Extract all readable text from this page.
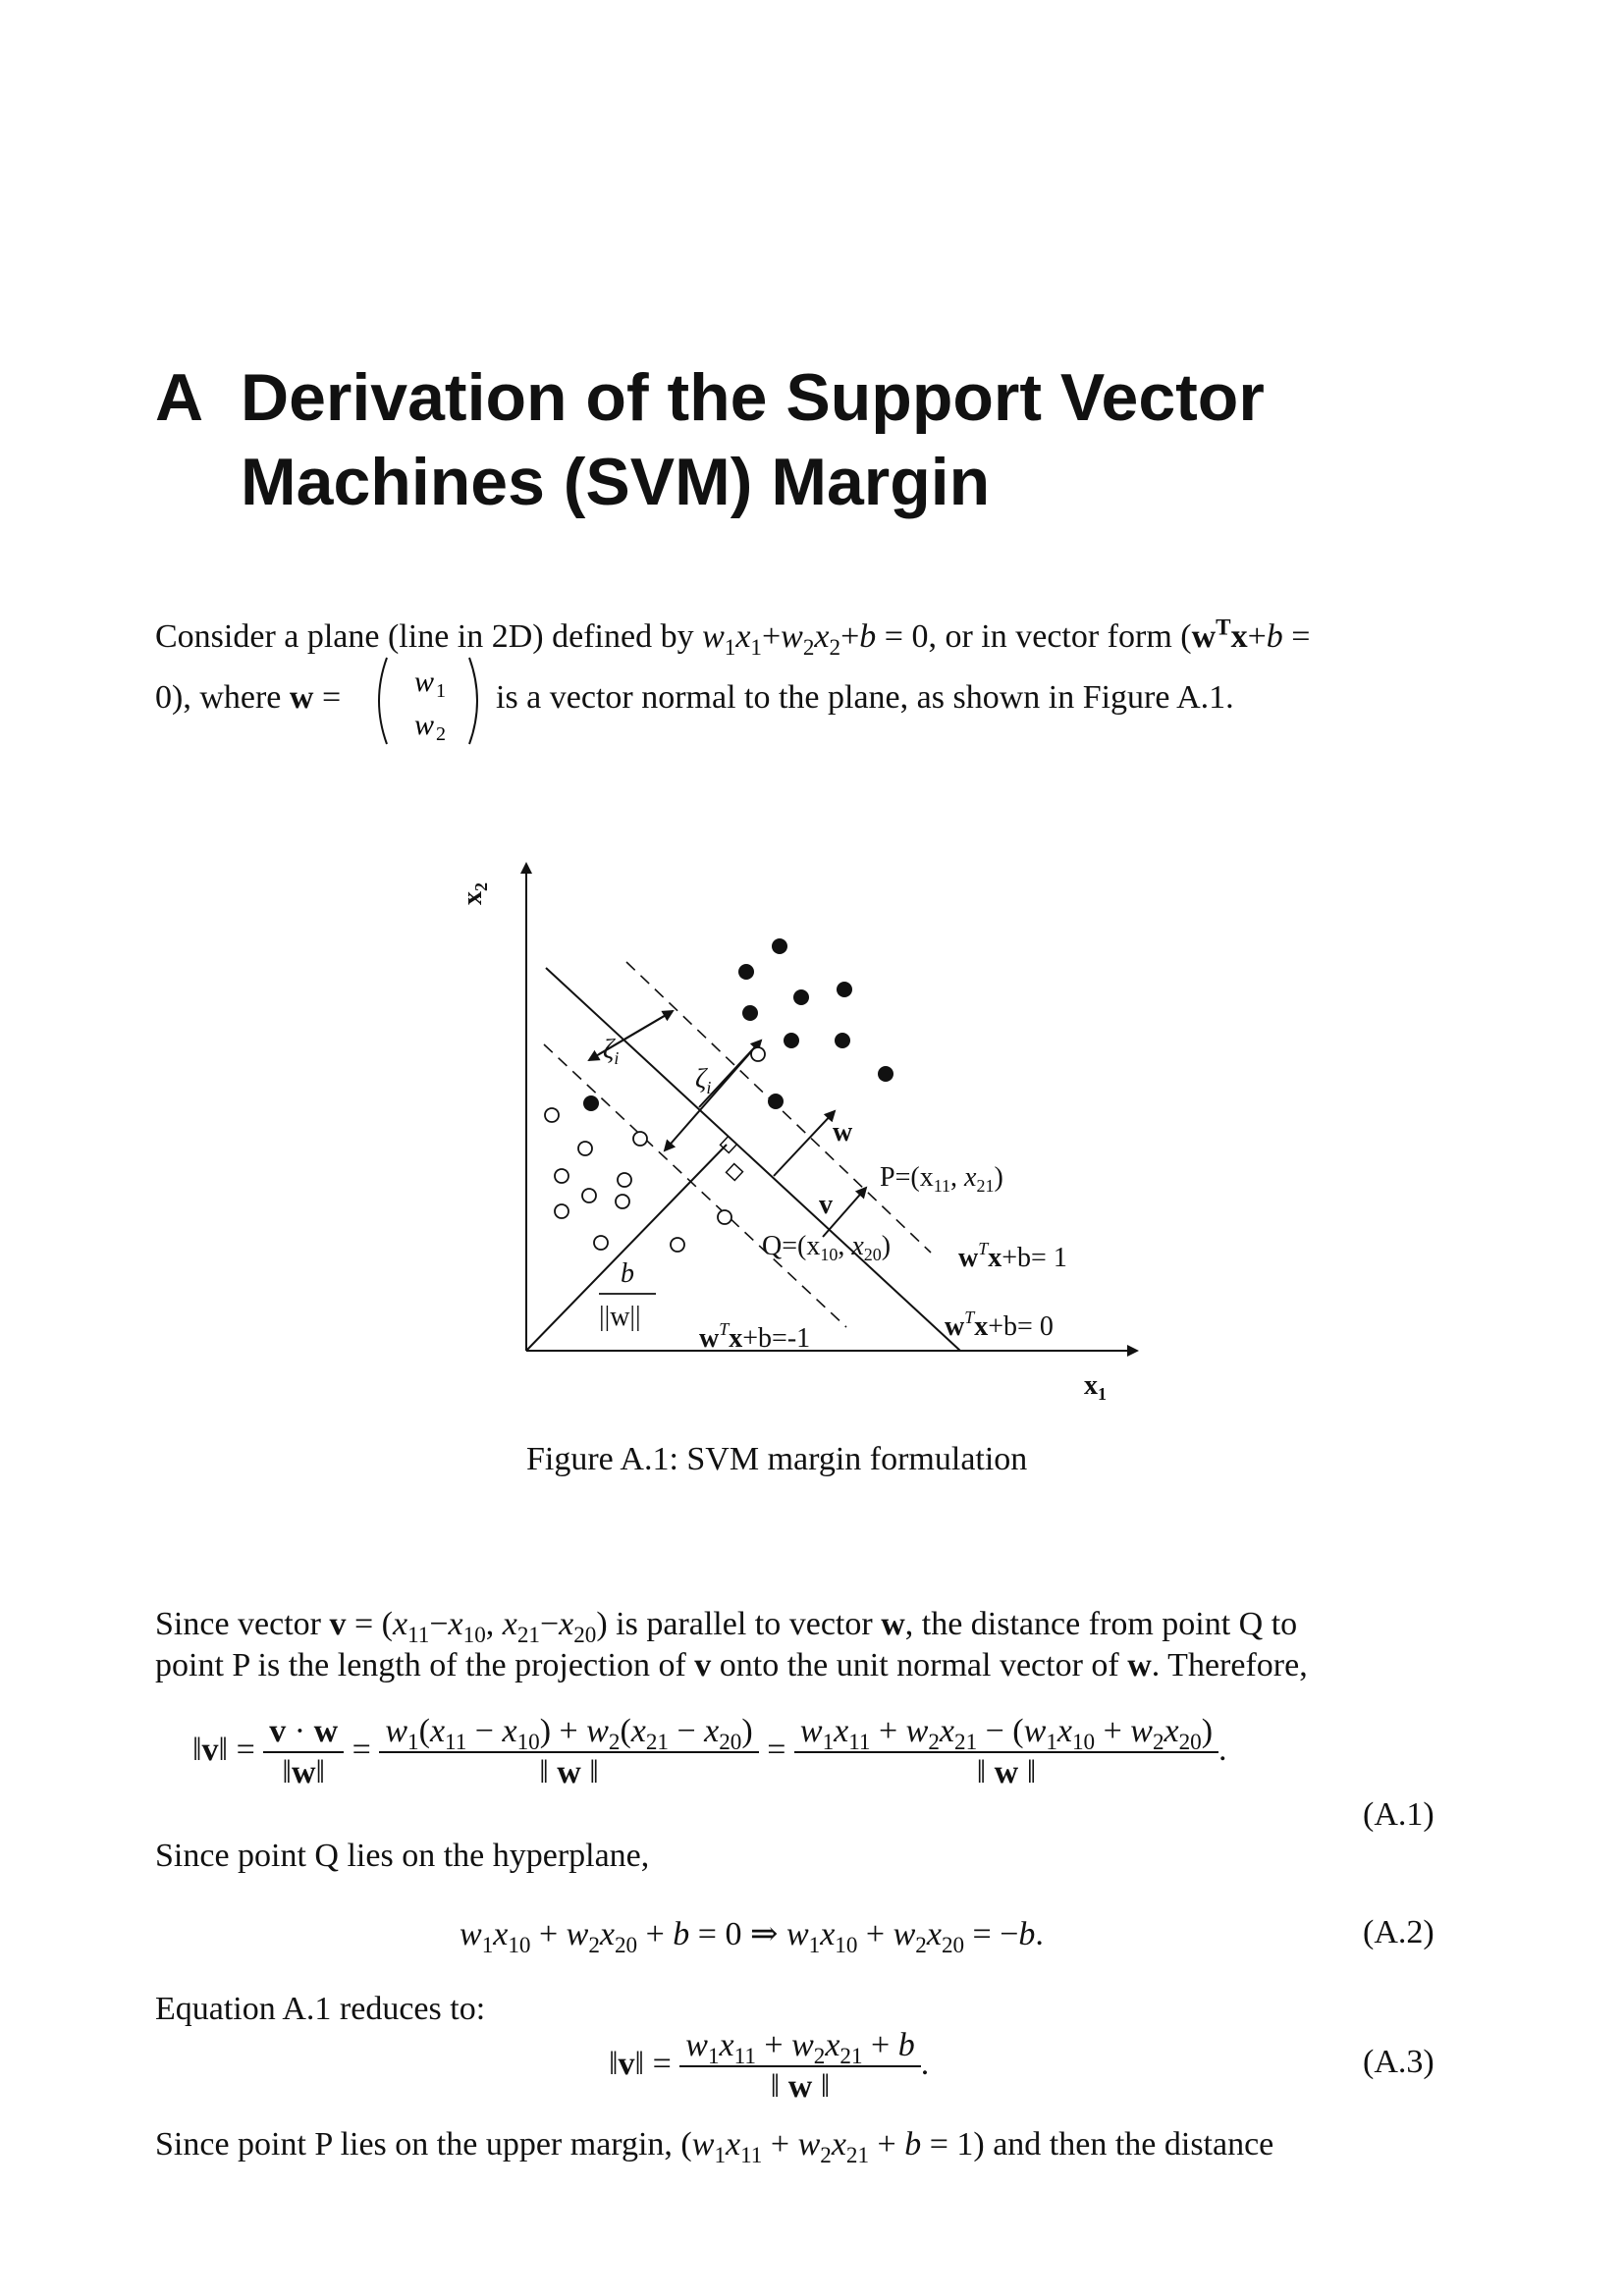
A Derivation of the Support Vector
Machines (SVM) Margin
Consider a plane (line in 2D) defined by $w_1x_1+w_2x_2+b = 0$, or in vector form ($w^Tx+b$ =
0), where w = w 1
w 2
is a vector normal to the plane, as shown in Figure A.1.
$x_2$
$x_1$
$\zeta_i$
$\zeta_i$
w
v
$P=(x_{11}$, $x_{21}$)
$Q=(x_{10}$, $x_{20}$) $w^Tx+b= 1$
$w^Tx+b= 0$
$w^Tx+b=-1$
b
||w||
Figure A.1: SVM margin formulation
Since vector $v = (x_{11}-x_{10}$, $x_{21}-x_{20}$) is parallel to vector w, the distance from point Q to
point P is the length of the projection of v onto the unit normal vector of w. Therefore,
‖v‖ = $\frac{v \cdot w}{‖w‖} = \frac{w_1(x_{11} - x_{10}) + w_2(x_{21} - x_{20})}{‖ w ‖} = \frac{w_1x_{11} + w_2x_{21} - (w_1x_{10} + w_2x_{20})}{‖ w ‖}$ .
(A.1)
Since point Q lies on the hyperplane,
$w_1x_{10} + w_2x_{20} + b = 0$ ⇒ $w_1x_{10} + w_2x_{20} = -b$.	(A.2)
Equation A.1 reduces to:
‖v‖ = $\frac{w_1x_{11} + w_2x_{21} + b}{‖ w ‖}$ .	(A.3)
Since point P lies on the upper margin, $(w_1x_{11} + w_2x_{21} + b = 1)$ and then the distance
